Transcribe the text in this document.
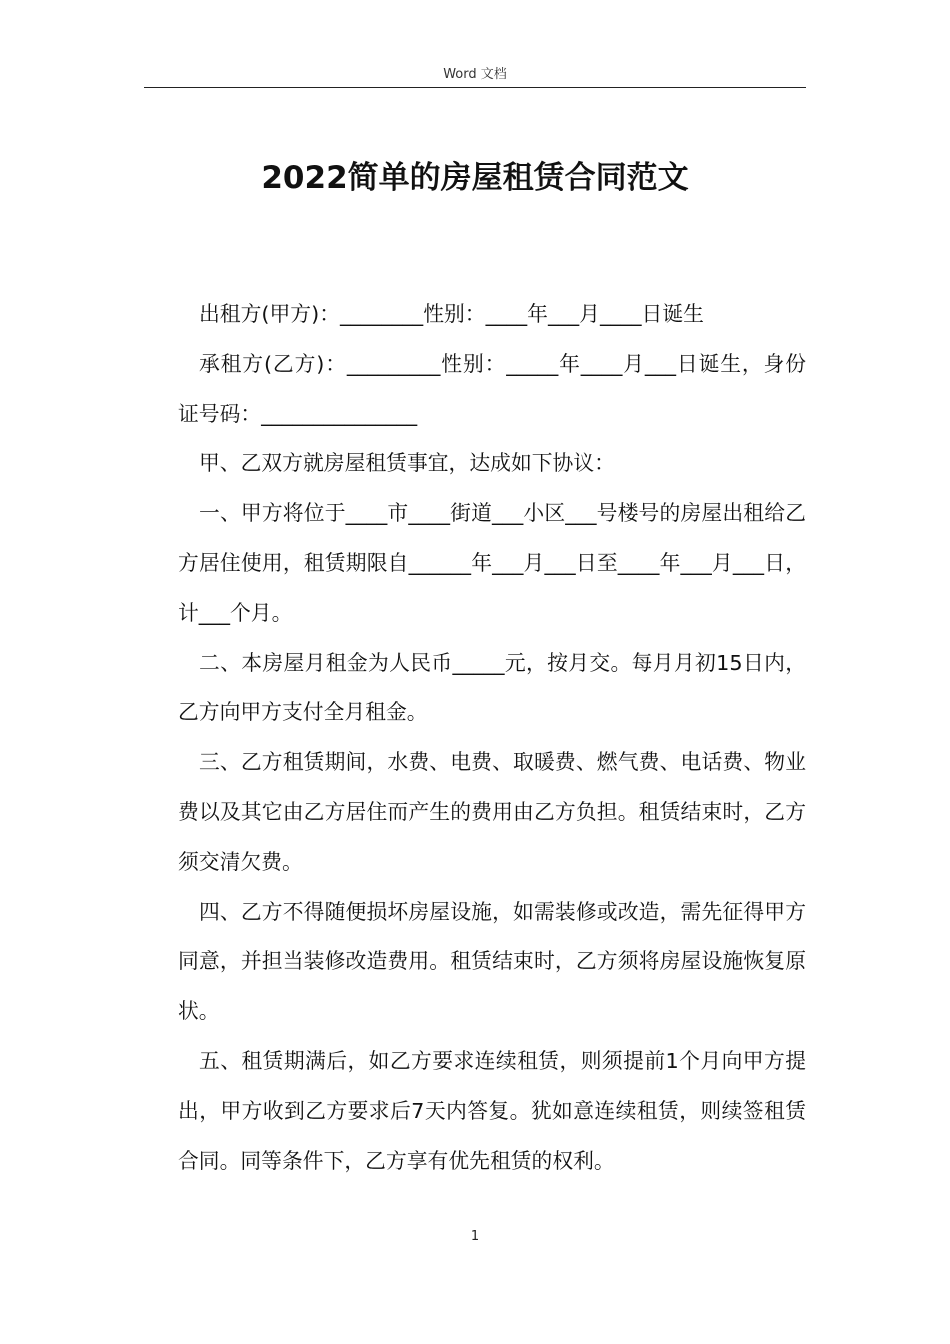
Word 文档
2022简单的房屋租赁合同范文

出租方(甲方)：________性别：____年___月____日诞生

承租方(乙方)：_________性别：_____年____月___日诞生，身份证号码：_______________

甲、乙双方就房屋租赁事宜，达成如下协议：

一、甲方将位于____市____街道___小区___号楼号的房屋出租给乙方居住使用，租赁期限自______年___月___日至____年___月___日，计___个月。

二、本房屋月租金为人民币_____元，按月交。每月月初15日内，乙方向甲方支付全月租金。

三、乙方租赁期间，水费、电费、取暖费、燃气费、电话费、物业费以及其它由乙方居住而产生的费用由乙方负担。租赁结束时，乙方须交清欠费。

四、乙方不得随便损坏房屋设施，如需装修或改造，需先征得甲方同意，并担当装修改造费用。租赁结束时，乙方须将房屋设施恢复原状。

五、租赁期满后，如乙方要求连续租赁，则须提前1个月向甲方提出，甲方收到乙方要求后7天内答复。犹如意连续租赁，则续签租赁合同。同等条件下，乙方享有优先租赁的权利。

1
